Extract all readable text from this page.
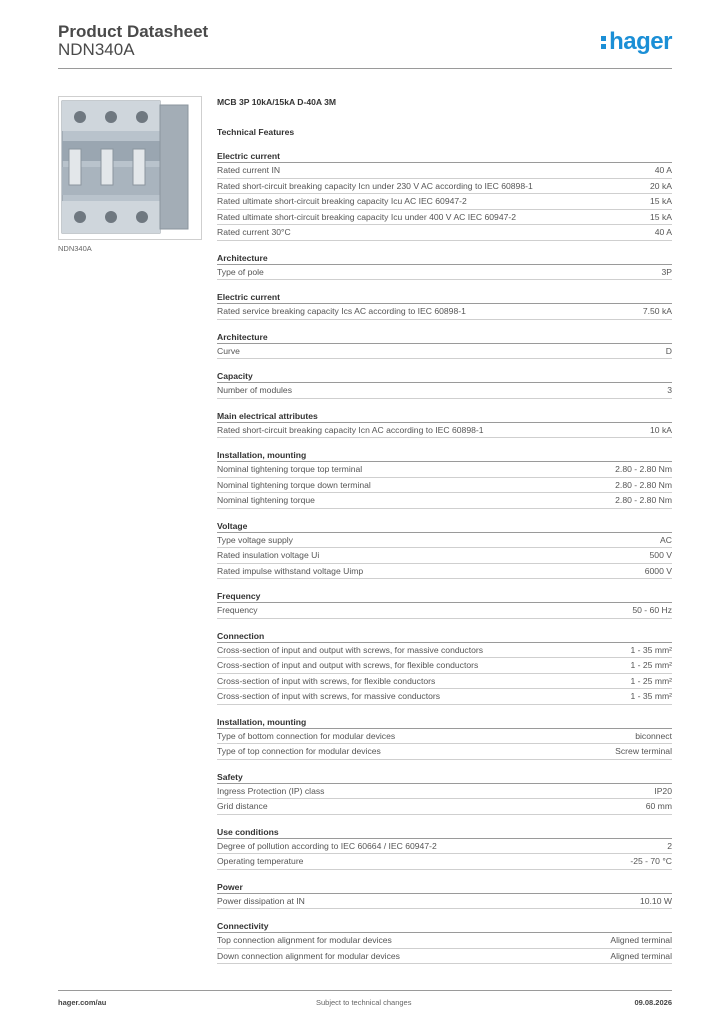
Product Datasheet
NDN340A	hager
NDN340A
MCB 3P 10kA/15kA D-40A 3M
Technical Features
Electric current
Rated current IN	40 A
Rated short-circuit breaking capacity Icn under 230 V AC according to IEC 60898-1	20 kA
Rated ultimate short-circuit breaking capacity Icu AC IEC 60947-2	15 kA
Rated ultimate short-circuit breaking capacity Icu under 400 V AC IEC 60947-2	15 kA
Rated current 30°C	40 A
Architecture
Type of pole	3P
Electric current
Rated service breaking capacity Ics AC according to IEC 60898-1	7.50 kA
Architecture
Curve	D
Capacity
Number of modules	3
Main electrical attributes
Rated short-circuit breaking capacity Icn AC according to IEC 60898-1	10 kA
Installation, mounting
Nominal tightening torque top terminal	2.80 - 2.80 Nm
Nominal tightening torque down terminal	2.80 - 2.80 Nm
Nominal tightening torque	2.80 - 2.80 Nm
Voltage
Type voltage supply	AC
Rated insulation voltage Ui	500 V
Rated impulse withstand voltage Uimp	6000 V
Frequency
Frequency	50 - 60 Hz
Connection
Cross-section of input and output with screws, for massive conductors	1 - 35 mm²
Cross-section of input and output with screws, for flexible conductors	1 - 25 mm²
Cross-section of input with screws, for flexible conductors	1 - 25 mm²
Cross-section of input with screws, for massive conductors	1 - 35 mm²
Installation, mounting
Type of bottom connection for modular devices	biconnect
Type of top connection for modular devices	Screw terminal
Safety
Ingress Protection (IP) class	IP20
Grid distance	60 mm
Use conditions
Degree of pollution according to IEC 60664 / IEC 60947-2	2
Operating temperature	-25 - 70 °C
Power
Power dissipation at IN	10.10 W
Connectivity
Top connection alignment for modular devices	Aligned terminal
Down connection alignment for modular devices	Aligned terminal
hager.com/au	Subject to technical changes	09.08.2026
